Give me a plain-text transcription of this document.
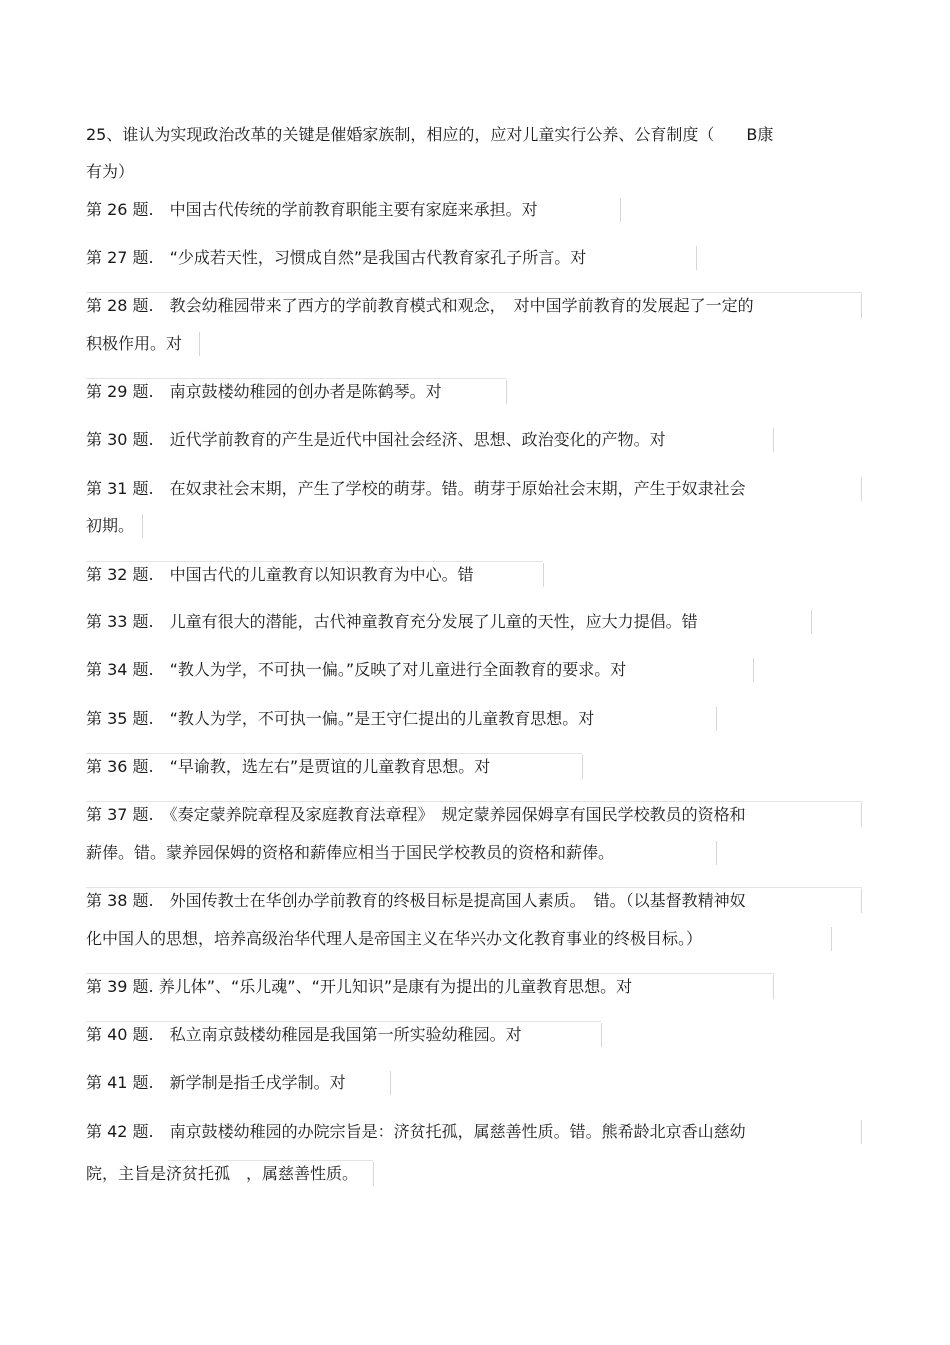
25、谁认为实现政治改革的关键是催婚家族制，相应的，应对儿童实行公养、公育制度（　　B康
有为）
第 26 题.　中国古代传统的学前教育职能主要有家庭来承担。对
第 27 题.　“少成若天性，习惯成自然”是我国古代教育家孔子所言。对
第 28 题.　教会幼稚园带来了西方的学前教育模式和观念，　对中国学前教育的发展起了一定的
积极作用。对
第 29 题.　南京鼓楼幼稚园的创办者是陈鹤琴。对
第 30 题.　近代学前教育的产生是近代中国社会经济、思想、政治变化的产物。对
第 31 题.　在奴隶社会末期，产生了学校的萌芽。错。萌芽于原始社会末期，产生于奴隶社会
初期。
第 32 题.　中国古代的儿童教育以知识教育为中心。错
第 33 题.　儿童有很大的潜能，古代神童教育充分发展了儿童的天性，应大力提倡。错
第 34 题.　“教人为学，不可执一偏。”反映了对儿童进行全面教育的要求。对
第 35 题.　“教人为学，不可执一偏。”是王守仁提出的儿童教育思想。对
第 36 题.　“早谕教，选左右”是贾谊的儿童教育思想。对
第 37 题.　《奏定蒙养院章程及家庭教育法章程》　规定蒙养园保姆享有国民学校教员的资格和
薪俸。错。蒙养园保姆的资格和薪俸应相当于国民学校教员的资格和薪俸。
第 38 题.　外国传教士在华创办学前教育的终极目标是提高国人素质。　错。（以基督教精神奴
化中国人的思想，培养高级治华代理人是帝国主义在华兴办文化教育事业的终极目标。）
第 39 题. 养儿体”、“乐儿魂”、“开儿知识”是康有为提出的儿童教育思想。对
第 40 题.　私立南京鼓楼幼稚园是我国第一所实验幼稚园。对
第 41 题.　新学制是指壬戌学制。对
第 42 题.　南京鼓楼幼稚园的办院宗旨是：济贫托孤，属慈善性质。错。熊希龄北京香山慈幼
院，主旨是济贫托孤　，属慈善性质。
